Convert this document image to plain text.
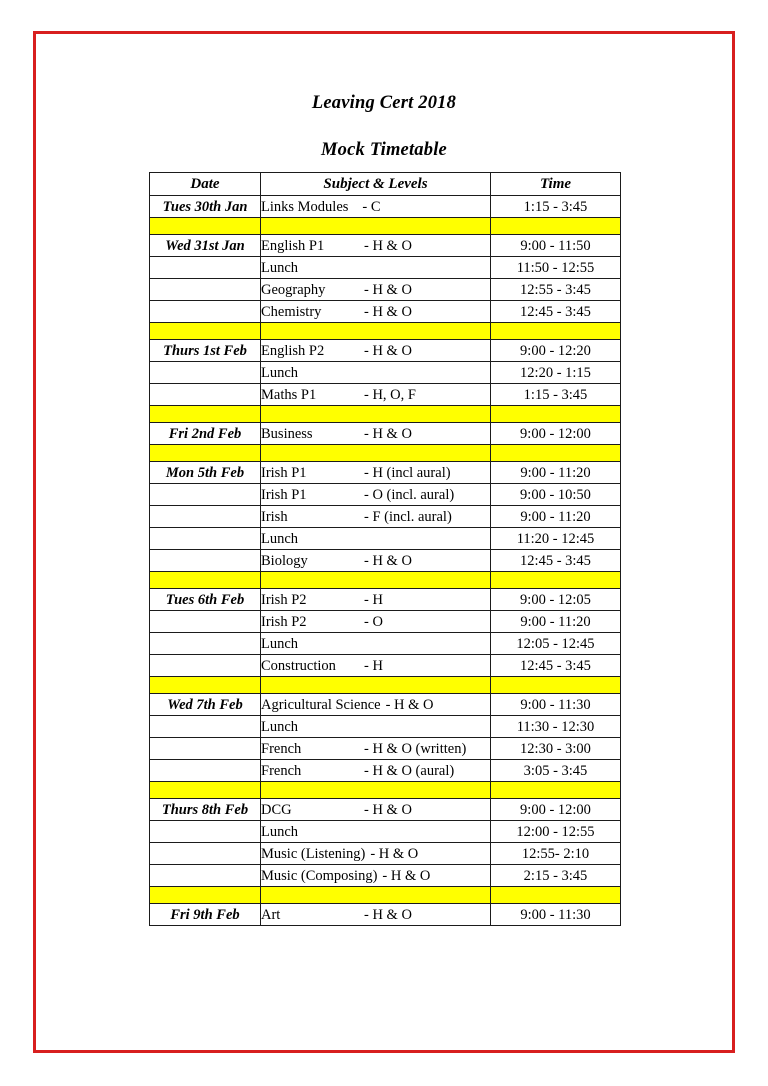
Leaving Cert 2018
Mock Timetable
Date	Subject & Levels	Time
Tues 30th Jan	Links Modules - C	1:15 - 3:45

Wed 31st Jan	English P1 - H & O	9:00 - 11:50

	Lunch	11:50 - 12:55

	Geography - H & O	12:55 - 3:45

	Chemistry - H & O	12:45 - 3:45

Thurs 1st Feb	English P2 - H & O	9:00 - 12:20

	Lunch	12:20 - 1:15

	Maths P1 - H, O, F	1:15 - 3:45

Fri 2nd Feb	Business - H & O	9:00 - 12:00

Mon 5th Feb	Irish P1 - H (incl aural)	9:00 - 11:20

	Irish P1 - O (incl. aural)	9:00 - 10:50

	Irish - F (incl. aural)	9:00 - 11:20

	Lunch	11:20 - 12:45

	Biology - H & O	12:45 - 3:45

Tues 6th Feb	Irish P2 - H	9:00 - 12:05

	Irish P2 - O	9:00 - 11:20

	Lunch	12:05 - 12:45

	Construction - H	12:45 - 3:45

Wed 7th Feb	Agricultural Science - H & O	9:00 - 11:30

	Lunch	11:30 - 12:30

	French - H & O (written)	12:30 - 3:00

	French - H & O (aural)	3:05 - 3:45

Thurs 8th Feb	DCG - H & O	9:00 - 12:00

	Lunch	12:00 - 12:55

	Music (Listening) - H & O	12:55- 2:10

	Music (Composing) - H & O	2:15 - 3:45

Fri 9th Feb	Art - H & O	9:00 - 11:30
